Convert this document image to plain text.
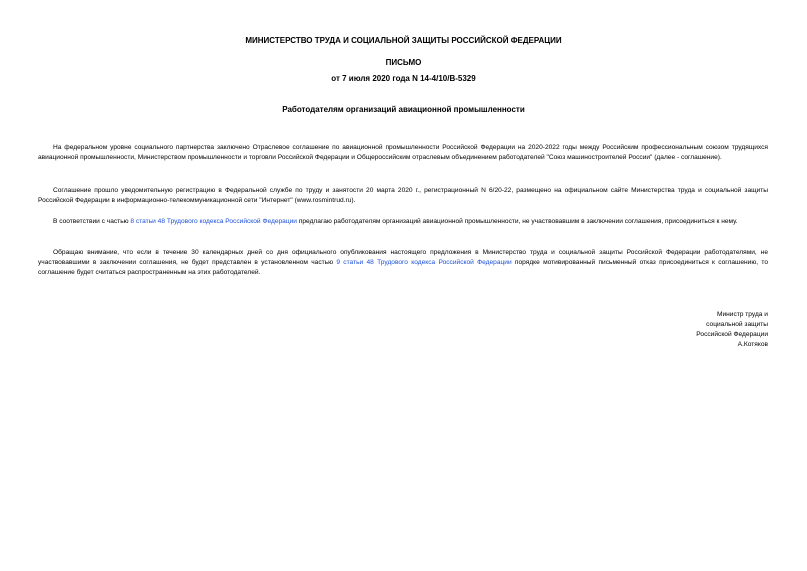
МИНИСТЕРСТВО ТРУДА И СОЦИАЛЬНОЙ ЗАЩИТЫ РОССИЙСКОЙ ФЕДЕРАЦИИ
ПИСЬМО
от 7 июля 2020 года N 14-4/10/В-5329
Работодателям организаций авиационной промышленности

На федеральном уровне социального партнерства заключено Отраслевое соглашение по авиационной промышленности Российской Федерации на 2020-2022 годы между Российским профессиональным союзом трудящихся авиационной промышленности, Министерством промышленности и торговли Российской Федерации и Общероссийским отраслевым объединением работодателей "Союз машиностроителей России" (далее - соглашение).

Соглашение прошло уведомительную регистрацию в Федеральной службе по труду и занятости 20 марта 2020 г., регистрационный N 6/20-22, размещено на официальном сайте Министерства труда и социальной защиты Российской Федерации в информационно-телекоммуникационной сети "Интернет" (www.rosmintrud.ru).

В соответствии с частью 8 статьи 48 Трудового кодекса Российской Федерации предлагаю работодателям организаций авиационной промышленности, не участвовавшим в заключении соглашения, присоединиться к нему.

Обращаю внимание, что если в течение 30 календарных дней со дня официального опубликования настоящего предложения в Министерство труда и социальной защиты Российской Федерации работодателями, не участвовавшими в заключении соглашения, не будет представлен в установленном частью 9 статьи 48 Трудового кодекса Российской Федерации порядке мотивированный письменный отказ присоединиться к соглашению, то соглашение будет считаться распространенным на этих работодателей.

Министр труда и
социальной защиты
Российской Федерации
А.Котяков
